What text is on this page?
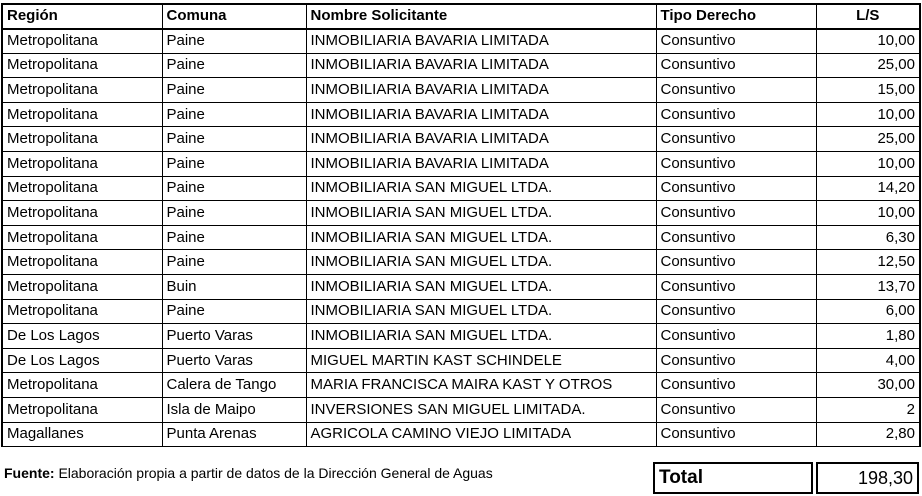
Región	Comuna	Nombre Solicitante	Tipo Derecho	L/S
Metropolitana	Paine	INMOBILIARIA BAVARIA LIMITADA	Consuntivo	10,00
Metropolitana	Paine	INMOBILIARIA BAVARIA LIMITADA	Consuntivo	25,00
Metropolitana	Paine	INMOBILIARIA BAVARIA LIMITADA	Consuntivo	15,00
Metropolitana	Paine	INMOBILIARIA BAVARIA LIMITADA	Consuntivo	10,00
Metropolitana	Paine	INMOBILIARIA BAVARIA LIMITADA	Consuntivo	25,00
Metropolitana	Paine	INMOBILIARIA BAVARIA LIMITADA	Consuntivo	10,00
Metropolitana	Paine	INMOBILIARIA SAN MIGUEL LTDA.	Consuntivo	14,20
Metropolitana	Paine	INMOBILIARIA SAN MIGUEL LTDA.	Consuntivo	10,00
Metropolitana	Paine	INMOBILIARIA SAN MIGUEL LTDA.	Consuntivo	6,30
Metropolitana	Paine	INMOBILIARIA SAN MIGUEL LTDA.	Consuntivo	12,50
Metropolitana	Buin	INMOBILIARIA SAN MIGUEL LTDA.	Consuntivo	13,70
Metropolitana	Paine	INMOBILIARIA SAN MIGUEL LTDA.	Consuntivo	6,00
De Los Lagos	Puerto Varas	INMOBILIARIA SAN MIGUEL LTDA.	Consuntivo	1,80
De Los Lagos	Puerto Varas	MIGUEL MARTIN KAST SCHINDELE	Consuntivo	4,00
Metropolitana	Calera de Tango	MARIA FRANCISCA MAIRA KAST Y OTROS	Consuntivo	30,00
Metropolitana	Isla de Maipo	INVERSIONES SAN MIGUEL LIMITADA.	Consuntivo	2
Magallanes	Punta Arenas	AGRICOLA CAMINO VIEJO LIMITADA	Consuntivo	2,80
Fuente: Elaboración propia a partir de datos de la Dirección General de Aguas	Total	198,30
